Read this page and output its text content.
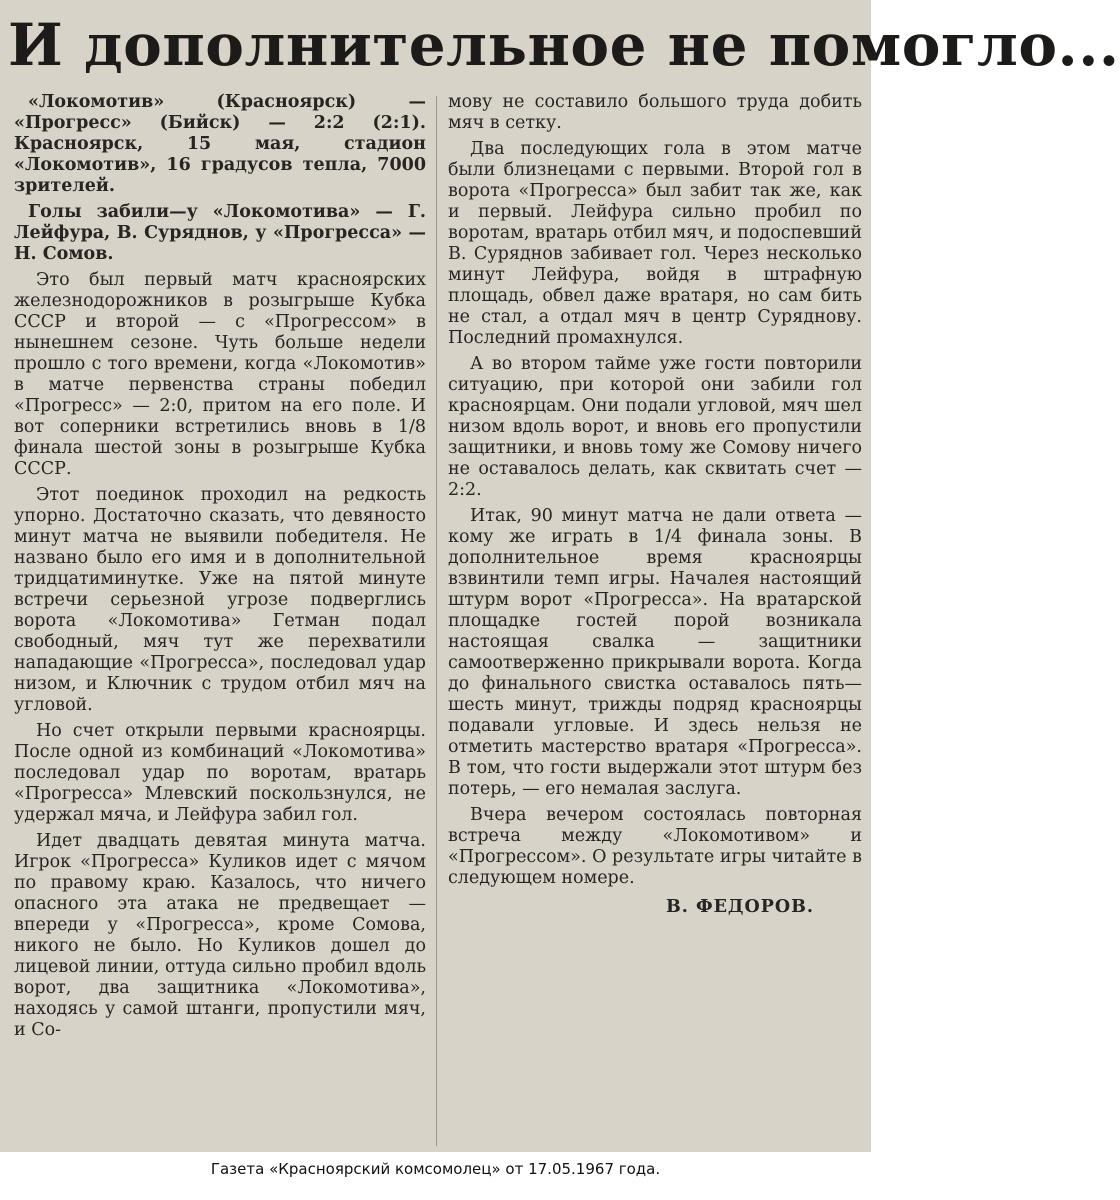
И дополнительное не помогло...

«Локомотив» (Красноярск) — «Прогресс» (Бийск) — 2:2 (2:1). Красноярск, 15 мая, стадион «Локомотив», 16 градусов тепла, 7000 зрителей.

Голы забили—у «Локомотива» — Г. Лейфура, В. Суряднов, у «Прогресса» — Н. Сомов.

Это был первый матч красноярских железнодорожников в розыгрыше Кубка СССР и второй — с «Прогрессом» в нынешнем сезоне. Чуть больше недели прошло с того времени, когда «Локомотив» в матче первенства страны победил «Прогресс» — 2:0, притом на его поле. И вот соперники встретились вновь в 1/8 финала шестой зоны в розыгрыше Кубка СССР.

Этот поединок проходил на редкость упорно. Достаточно сказать, что девяносто минут матча не выявили победителя. Не названо было его имя и в дополнительной тридцатиминутке. Уже на пятой минуте встречи серьезной угрозе подверглись ворота «Локомотива» Гетман подал свободный, мяч тут же перехватили нападающие «Прогресса», последовал удар низом, и Ключник с трудом отбил мяч на угловой.

Но счет открыли первыми красноярцы. После одной из комбинаций «Локомотива» последовал удар по воротам, вратарь «Прогресса» Млевский поскользнулся, не удержал мяча, и Лейфура забил гол.

Идет двадцать девятая минута матча. Игрок «Прогресса» Куликов идет с мячом по правому краю. Казалось, что ничего опасного эта атака не предвещает — впереди у «Прогресса», кроме Сомова, никого не было. Но Куликов дошел до лицевой линии, оттуда сильно пробил вдоль ворот, два защитника «Локомотива», находясь у самой штанги, пропустили мяч, и Со-

мову не составило большого труда добить мяч в сетку.

Два последующих гола в этом матче были близнецами с первыми. Второй гол в ворота «Прогресса» был забит так же, как и первый. Лейфура сильно пробил по воротам, вратарь отбил мяч, и подоспевший В. Суряднов забивает гол. Через несколько минут Лейфура, войдя в штрафную площадь, обвел даже вратаря, но сам бить не стал, а отдал мяч в центр Суряднову. Последний промахнулся.

А во втором тайме уже гости повторили ситуацию, при которой они забили гол красноярцам. Они подали угловой, мяч шел низом вдоль ворот, и вновь его пропустили защитники, и вновь тому же Сомову ничего не оставалось делать, как сквитать счет — 2:2.

Итак, 90 минут матча не дали ответа — кому же играть в 1/4 финала зоны. В дополнительное время красноярцы взвинтили темп игры. Началея настоящий штурм ворот «Прогресса». На вратарской площадке гостей порой возникала настоящая свалка — защитники самоотверженно прикрывали ворота. Когда до финального свистка оставалось пять—шесть минут, трижды подряд красноярцы подавали угловые. И здесь нельзя не отметить мастерство вратаря «Прогресса». В том, что гости выдержали этот штурм без потерь, — его немалая заслуга.

Вчера вечером состоялась повторная встреча между «Локомотивом» и «Прогрессом». О результате игры читайте в следующем номере.

В. ФЕДОРОВ.

Газета «Красноярский комсомолец» от 17.05.1967 года.
